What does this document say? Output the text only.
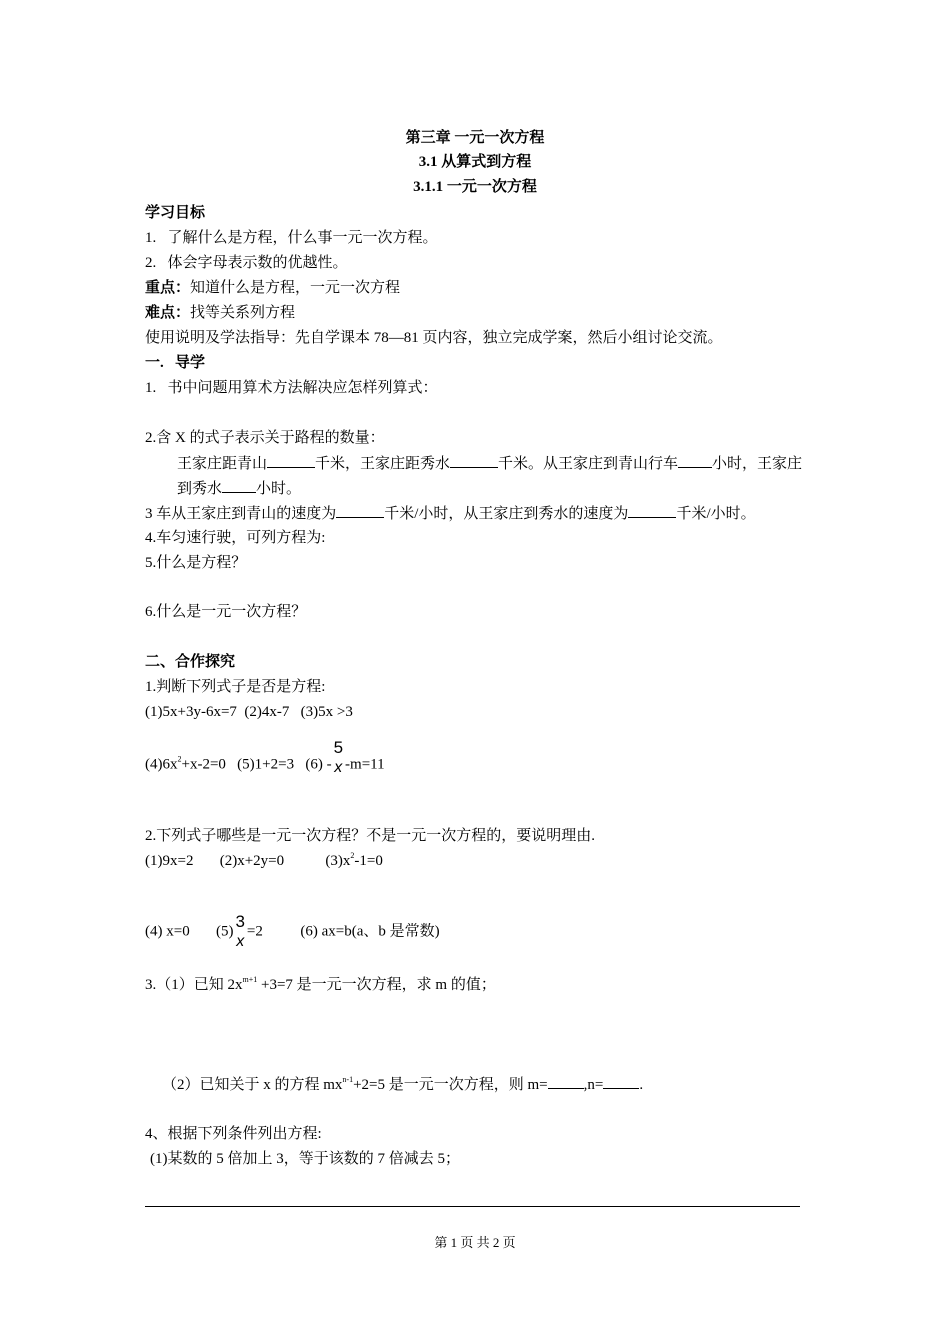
第三章 一元一次方程
3.1 从算式到方程
3.1.1 一元一次方程
学习目标
1.   了解什么是方程，什么事一元一次方程。
2.   体会字母表示数的优越性。
重点：知道什么是方程，一元一次方程
难点：找等关系列方程
使用说明及学法指导：先自学课本 78—81 页内容，独立完成学案，然后小组讨论交流。
一.   导学
1.   书中问题用算术方法解决应怎样列算式：
2.含 X 的式子表示关于路程的数量：
王家庄距青山	千米，王家庄距秀水	千米。从王家庄到青山行车 小时，王家庄
到秀水 小时。
3 车从王家庄到青山的速度为	千米/小时，从王家庄到秀水的速度为	千米/小时。
4.车匀速行驶，可列方程为:
5.什么是方程？
6.什么是一元一次方程？
二、合作探究
1.判断下列式子是否是方程:
(1)5x+3y-6x=7  (2)4x-7   (3)5x >3
$(4)6x^2+x-2=0$   (5)1+2=3   (6) -
5
x -m=11
2.下列式子哪些是一元一次方程？不是一元一次方程的，要说明理由.
(1)9x=2       (2)x+2y=0           $(3)x^2-1=0$
(4) x=0       (5)
3
x
=2          (6) ax=b(a、b 是常数)
3.（1）已知 $2x^{m+1} +3=7$ 是一元一次方程，求 m 的值；
（2）已知关于 x 的方程 $mx^{n-1}+2=5$ 是一元一次方程，则 m= ,n= .
4、根据下列条件列出方程:
(1)某数的 5 倍加上 3，等于该数的 7 倍减去 5；
第 1 页 共 2 页
